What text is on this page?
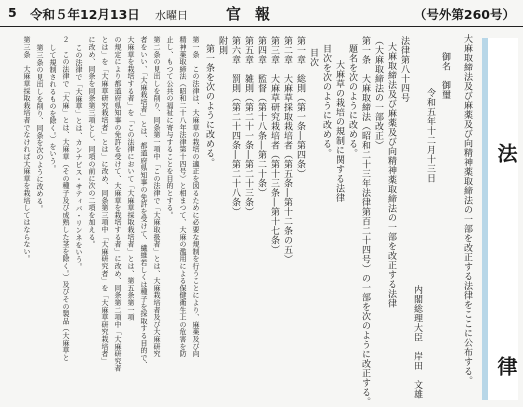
5 令和５年12月13日 水曜日	官報	（号外第260号）
大麻取締法及び麻薬及び向精神薬取締法の一部を改正する法律をここに公布する。
御名　御璽
令和五年十二月十三日
内閣総理大臣　岸田　文雄
法律第八十四号
大麻取締法及び麻薬及び向精神薬取締法の一部を改正する法律
（大麻取締法の一部改正）
第一条　大麻取締法（昭和二十三年法律第百二十四号）の一部を次のように改正する。
題名を次のように改める。
大麻草の栽培の規制に関する法律
目次を次のように改める。
目次
第一章　総則（第一条―第四条）
第二章　大麻草採取栽培者（第五条―第十二条の五）
第三章　大麻草研究栽培者（第十三条―第十七条）
第四章　監督（第十八条―第二十条）
第五章　雑則（第二十一条―第二十三条）
第六章　罰則（第二十四条―第二十八条）
附則
第一条を次のように改める。
第一条　この法律は、大麻草の栽培の適正を図るために必要な規制を行うことにより、麻薬及び向
精神薬取締法（昭和二十八年法律第十四号）と相まつて、大麻の濫用による保健衛生上の危害を防
止し、もつて公共の福祉に寄与することを目的とする。
第二条の見出しを削り、同条第一項中「この法律で「大麻取扱者」とは、大麻栽培者及び大麻研究
者をいい、「大麻栽培者」とは、都道府県知事の免許を受けて、繊維若しくは種子を採取する目的で、
大麻草を栽培する者」を「この法律において「大麻草採取栽培者」とは、第五条第一項
の規定により都道府県知事の免許を受けて、大麻草を栽培する者」に改め、同条第二項中「大麻研究者
とは」を「大麻草研究栽培者」とは」に改め、同条第三項中「大麻研究者」を「大麻草研究栽培者」
に改め、同条を同条第三項とし、同項の前に次の二項を加える。
この法律で「大麻草」とは、カンナビス・サティバ・リンネをいう。
２　この法律で「大麻」とは、大麻草（その種子及び成熟した茎を除く。）及びその製品（大麻草と
して規制されるものを除く。）をいう。
第三条の見出しを削り、同条を次のように改める。
第三条　大麻草採取栽培者でなければ大麻草を栽培してはならない。	法
律
